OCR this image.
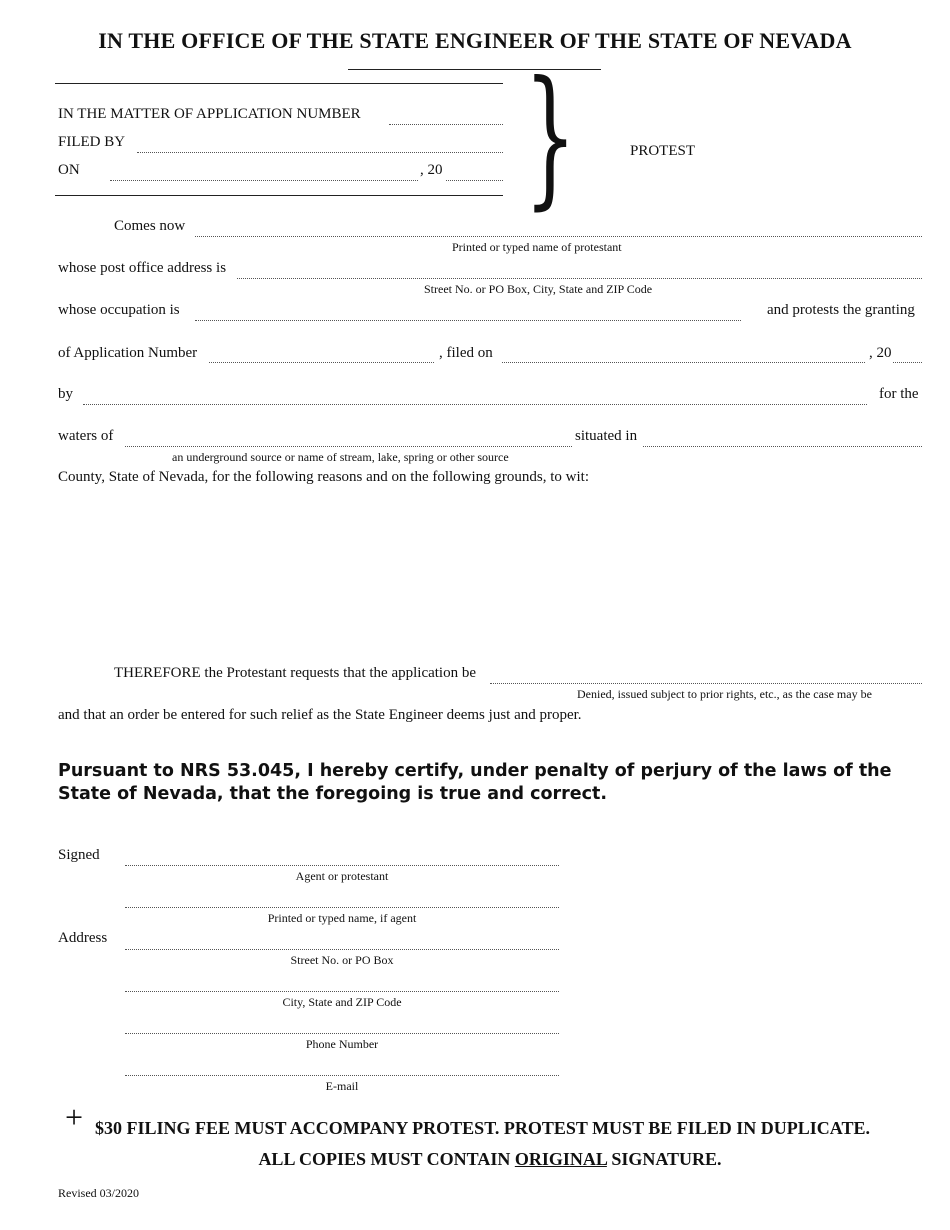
IN THE OFFICE OF THE STATE ENGINEER OF THE STATE OF NEVADA
IN THE MATTER OF APPLICATION NUMBER
FILED BY
ON	, 20 }	PROTEST
Comes now
Printed or typed name of protestant
whose post office address is
Street No. or PO Box, City, State and ZIP Code
whose occupation is	and protests the granting
of Application Number	, filed on	, 20
by	for the
waters of	situated in
an underground source or name of stream, lake, spring or other source
County, State of Nevada, for the following reasons and on the following grounds, to wit:
THEREFORE the Protestant requests that the application be
Denied, issued subject to prior rights, etc., as the case may be
and that an order be entered for such relief as the State Engineer deems just and proper.
Pursuant to NRS 53.045, I hereby certify, under penalty of perjury of the laws of the State of Nevada, that the foregoing is true and correct.
Signed
Agent or protestant
Printed or typed name, if agent
Address
Street No. or PO Box
City, State and ZIP Code
Phone Number
E-mail
+ $30 FILING FEE MUST ACCOMPANY PROTEST. PROTEST MUST BE FILED IN DUPLICATE.
ALL COPIES MUST CONTAIN ORIGINAL SIGNATURE.
Revised 03/2020
